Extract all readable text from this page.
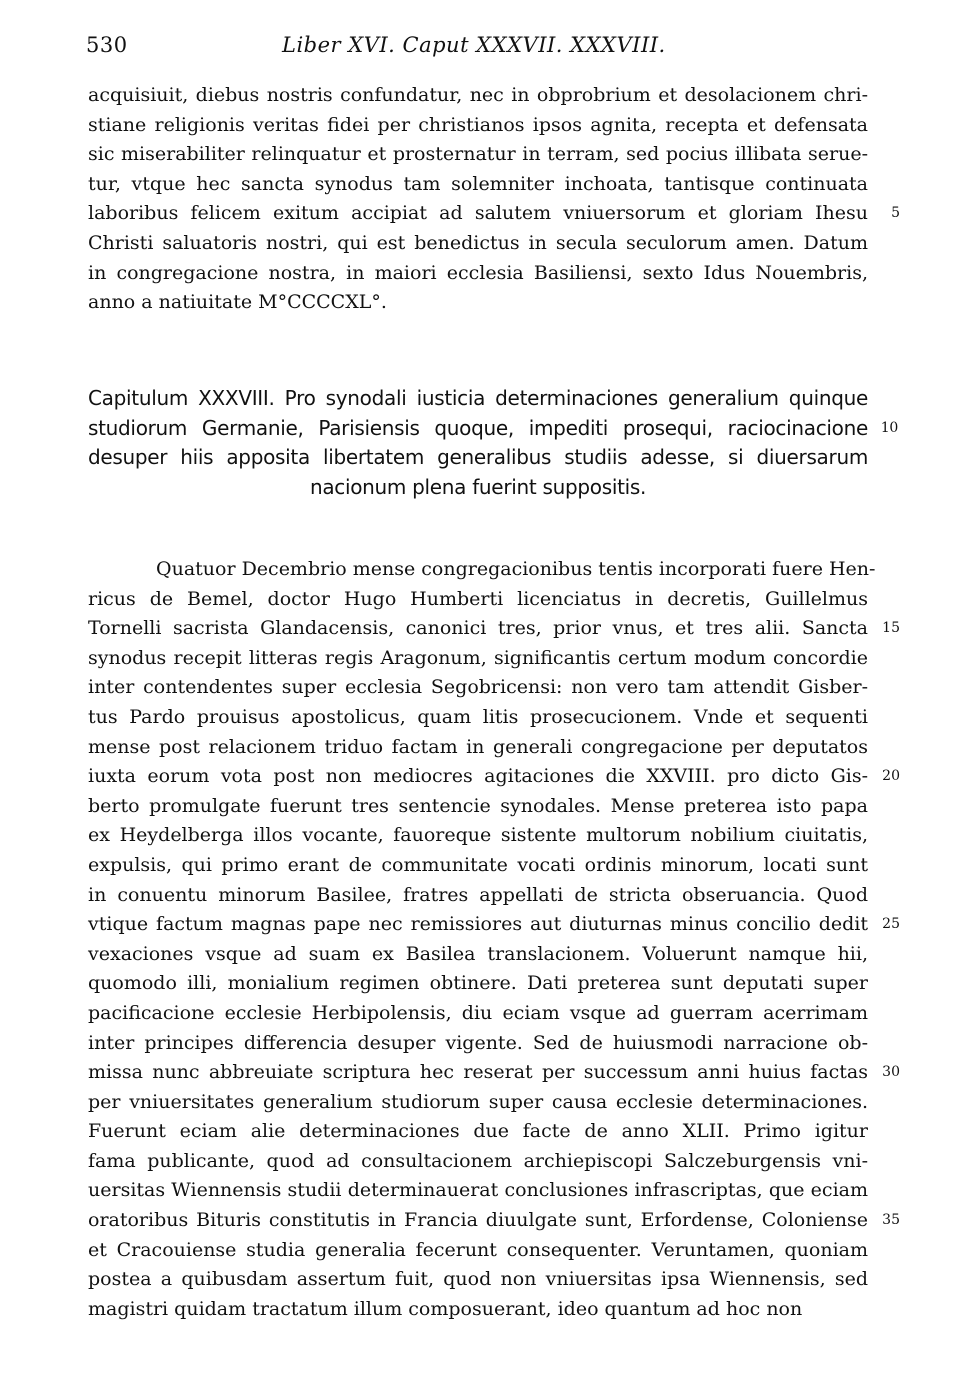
530	Liber XVI. Caput XXXVII. XXXVIII.
acquisiuit, diebus nostris confundatur, nec in obprobrium et desolacionem chri-
stiane religionis veritas fidei per christianos ipsos agnita, recepta et defensata
sic miserabiliter relinquatur et prosternatur in terram, sed pocius illibata serue-
tur, vtque hec sancta synodus tam solemniter inchoata, tantisque continuata
laboribus felicem exitum accipiat ad salutem vniuersorum et gloriam Ihesu 5
Christi saluatoris nostri, qui est benedictus in secula seculorum amen. Datum
in congregacione nostra, in maiori ecclesia Basiliensi, sexto Idus Nouembris,
anno a natiuitate M°CCCCXL°.
Capitulum XXXVIII. Pro synodali iusticia determinaciones generalium quinque
studiorum Germanie, Parisiensis quoque, impediti prosequi, raciocinacione 10
desuper hiis apposita libertatem generalibus studiis adesse, si diuersarum
nacionum plena fuerint suppositis.
Quatuor Decembrio mense congregacionibus tentis incorporati fuere Hen-
ricus de Bemel, doctor Hugo Humberti licenciatus in decretis, Guillelmus
Tornelli sacrista Glandacensis, canonici tres, prior vnus, et tres alii. Sancta 15
synodus recepit litteras regis Aragonum, significantis certum modum concordie
inter contendentes super ecclesia Segobricensi: non vero tam attendit Gisber-
tus Pardo prouisus apostolicus, quam litis prosecucionem. Vnde et sequenti
mense post relacionem triduo factam in generali congregacione per deputatos
iuxta eorum vota post non mediocres agitaciones die XXVIII. pro dicto Gis- 20
berto promulgate fuerunt tres sentencie synodales. Mense preterea isto papa
ex Heydelberga illos vocante, fauoreque sistente multorum nobilium ciuitatis,
expulsis, qui primo erant de communitate vocati ordinis minorum, locati sunt
in conuentu minorum Basilee, fratres appellati de stricta obseruancia. Quod
vtique factum magnas pape nec remissiores aut diuturnas minus concilio dedit 25
vexaciones vsque ad suam ex Basilea translacionem. Voluerunt namque hii,
quomodo illi, monialium regimen obtinere. Dati preterea sunt deputati super
pacificacione ecclesie Herbipolensis, diu eciam vsque ad guerram acerrimam
inter principes differencia desuper vigente. Sed de huiusmodi narracione ob-
missa nunc abbreuiate scriptura hec reserat per successum anni huius factas 30
per vniuersitates generalium studiorum super causa ecclesie determinaciones.
Fuerunt eciam alie determinaciones due facte de anno XLII. Primo igitur
fama publicante, quod ad consultacionem archiepiscopi Salczeburgensis vni-
uersitas Wiennensis studii determinauerat conclusiones infrascriptas, que eciam
oratoribus Bituris constitutis in Francia diuulgate sunt, Erfordense, Coloniense 35
et Cracouiense studia generalia fecerunt consequenter. Veruntamen, quoniam
postea a quibusdam assertum fuit, quod non vniuersitas ipsa Wiennensis, sed
magistri quidam tractatum illum composuerant, ideo quantum ad hoc non
